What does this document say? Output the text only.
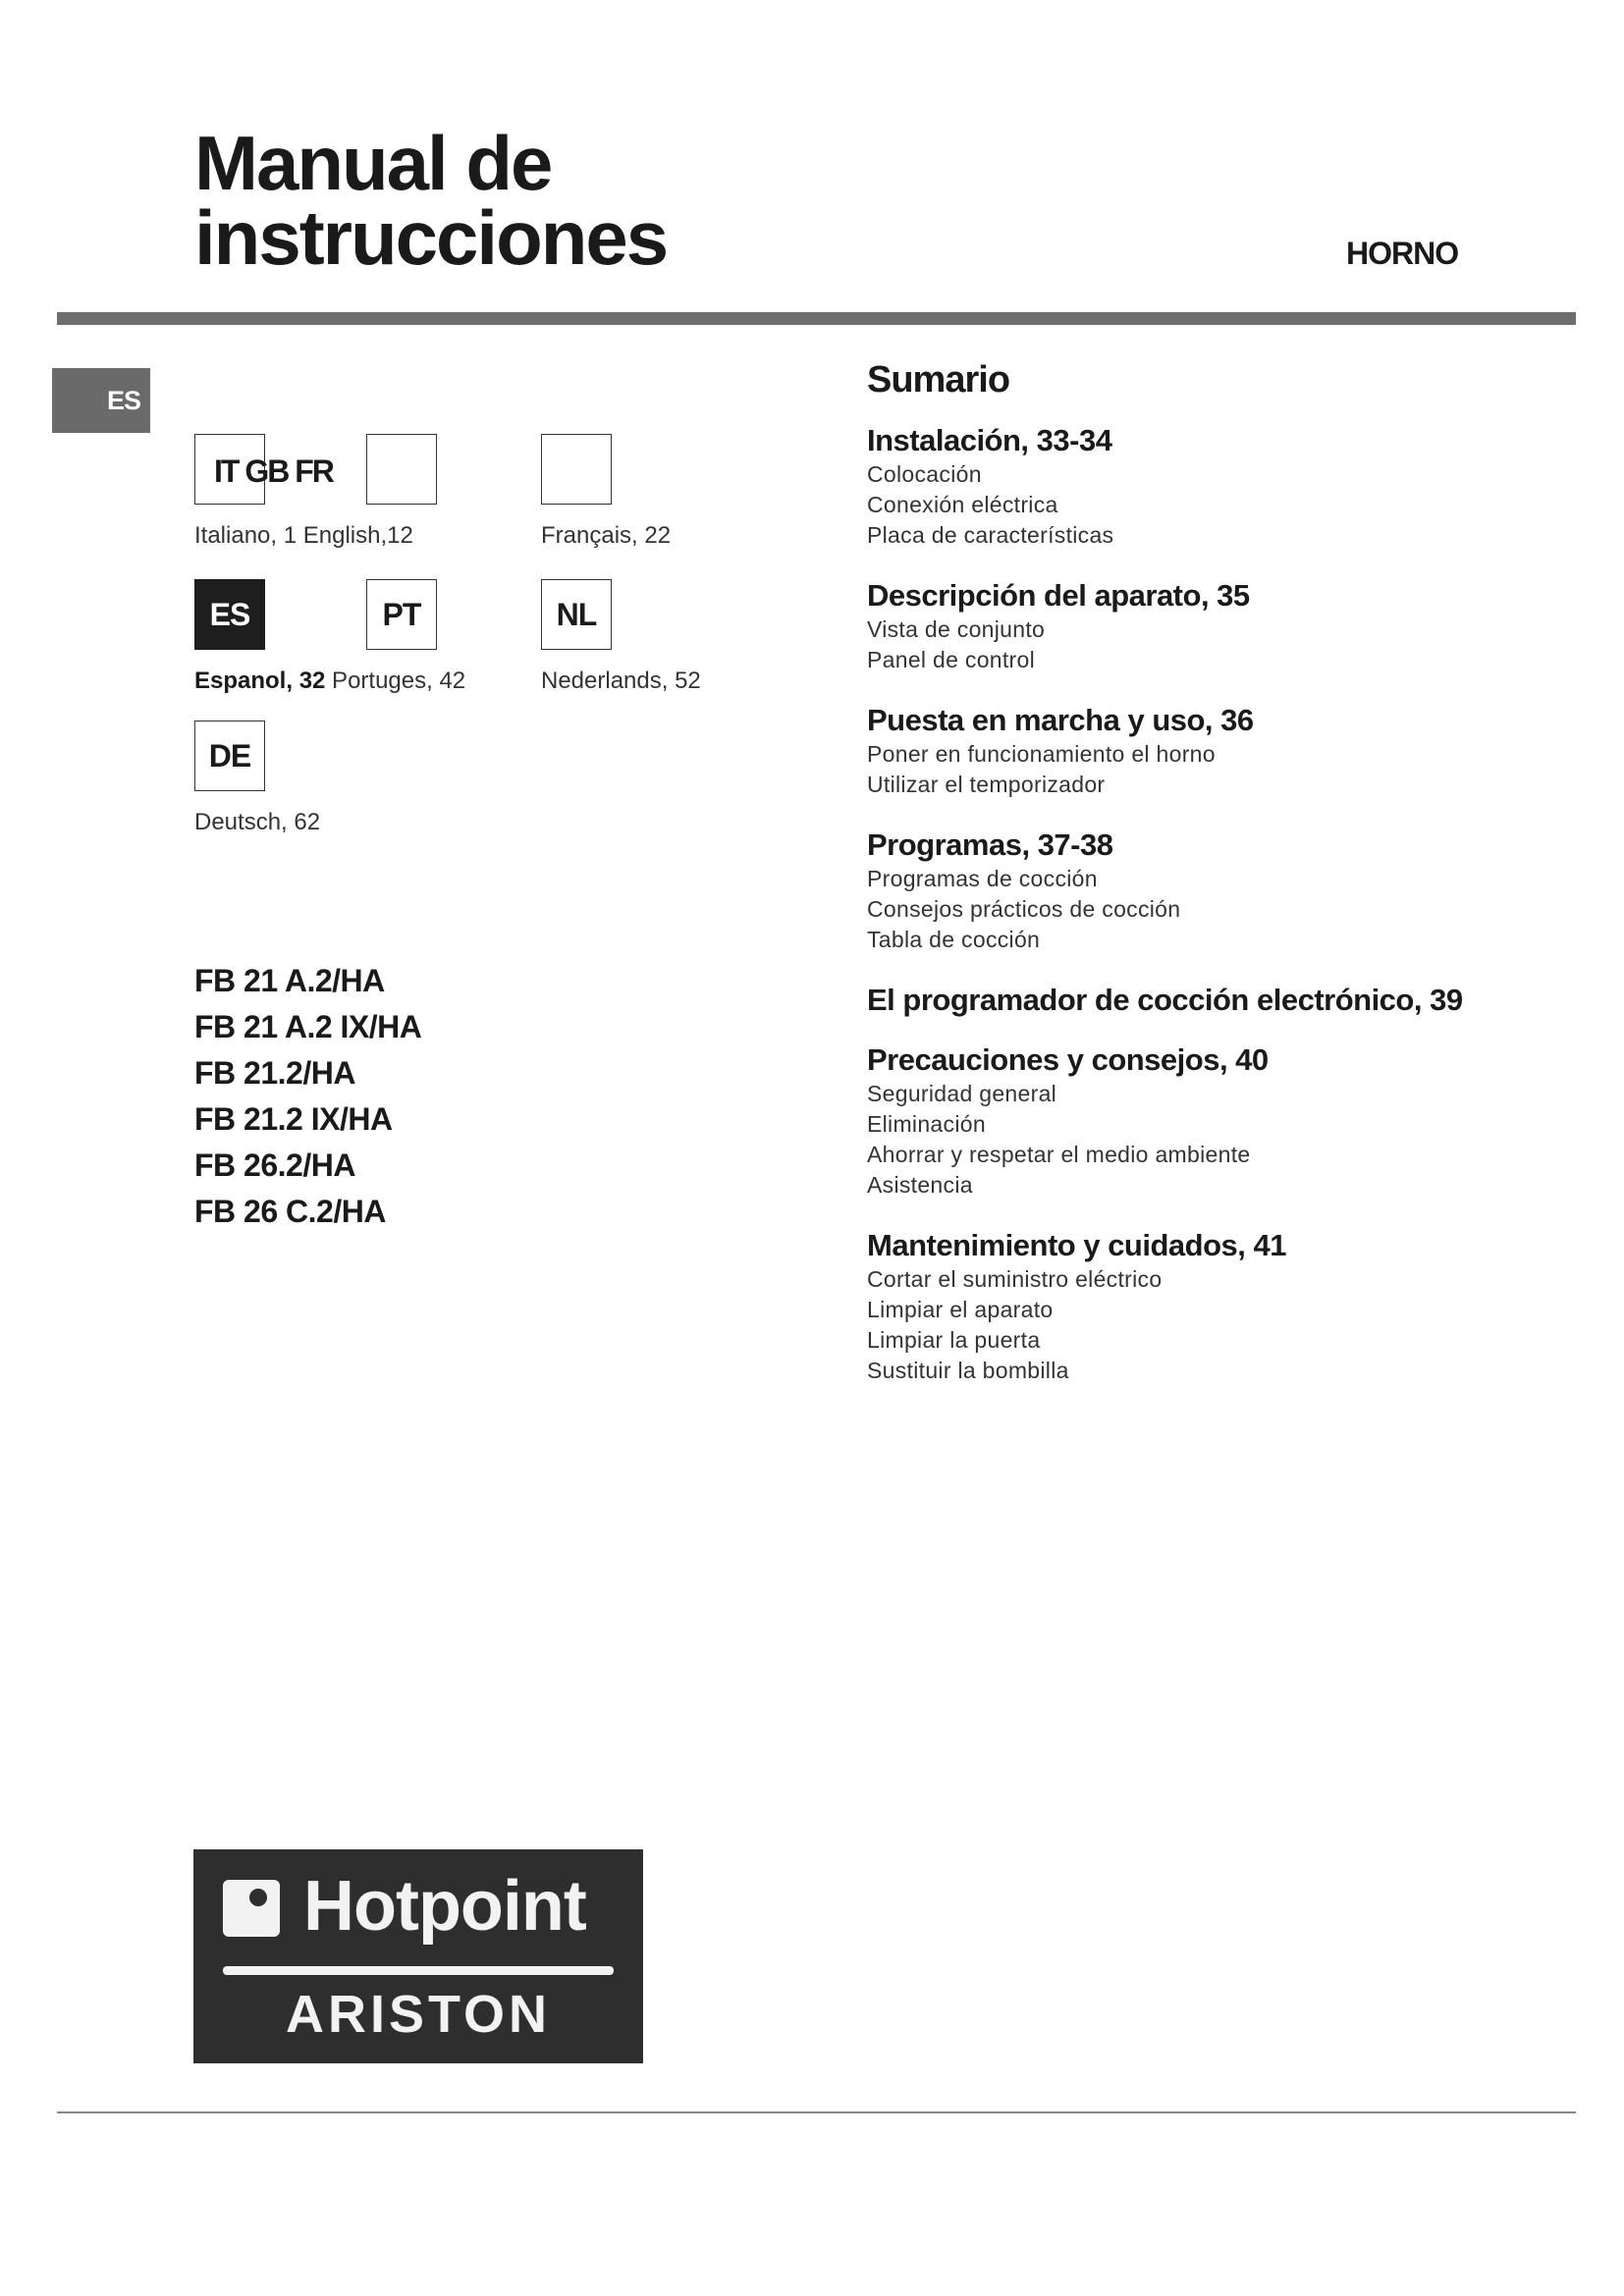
Manual de
instrucciones	HORNO
ES
IT GB FR
Italiano, 1 English,12	Français, 22
ES	PT	NL
Espanol, 32 Portuges, 42	Nederlands, 52
DE
Deutsch, 62
FB 21 A.2/HA
FB 21 A.2 IX/HA
FB 21.2/HA
FB 21.2 IX/HA
FB 26.2/HA
FB 26 C.2/HA
Sumario
Instalación, 33-34
Colocación
Conexión eléctrica
Placa de características
Descripción del aparato, 35
Vista de conjunto
Panel de control
Puesta en marcha y uso, 36
Poner en funcionamiento el horno
Utilizar el temporizador
Programas, 37-38
Programas de cocción
Consejos prácticos de cocción
Tabla de cocción
El programador de cocción electrónico, 39
Precauciones y consejos, 40
Seguridad general
Eliminación
Ahorrar y respetar el medio ambiente
Asistencia
Mantenimiento y cuidados, 41
Cortar el suministro eléctrico
Limpiar el aparato
Limpiar la puerta
Sustituir la bombilla
Hotpoint
ARISTON
